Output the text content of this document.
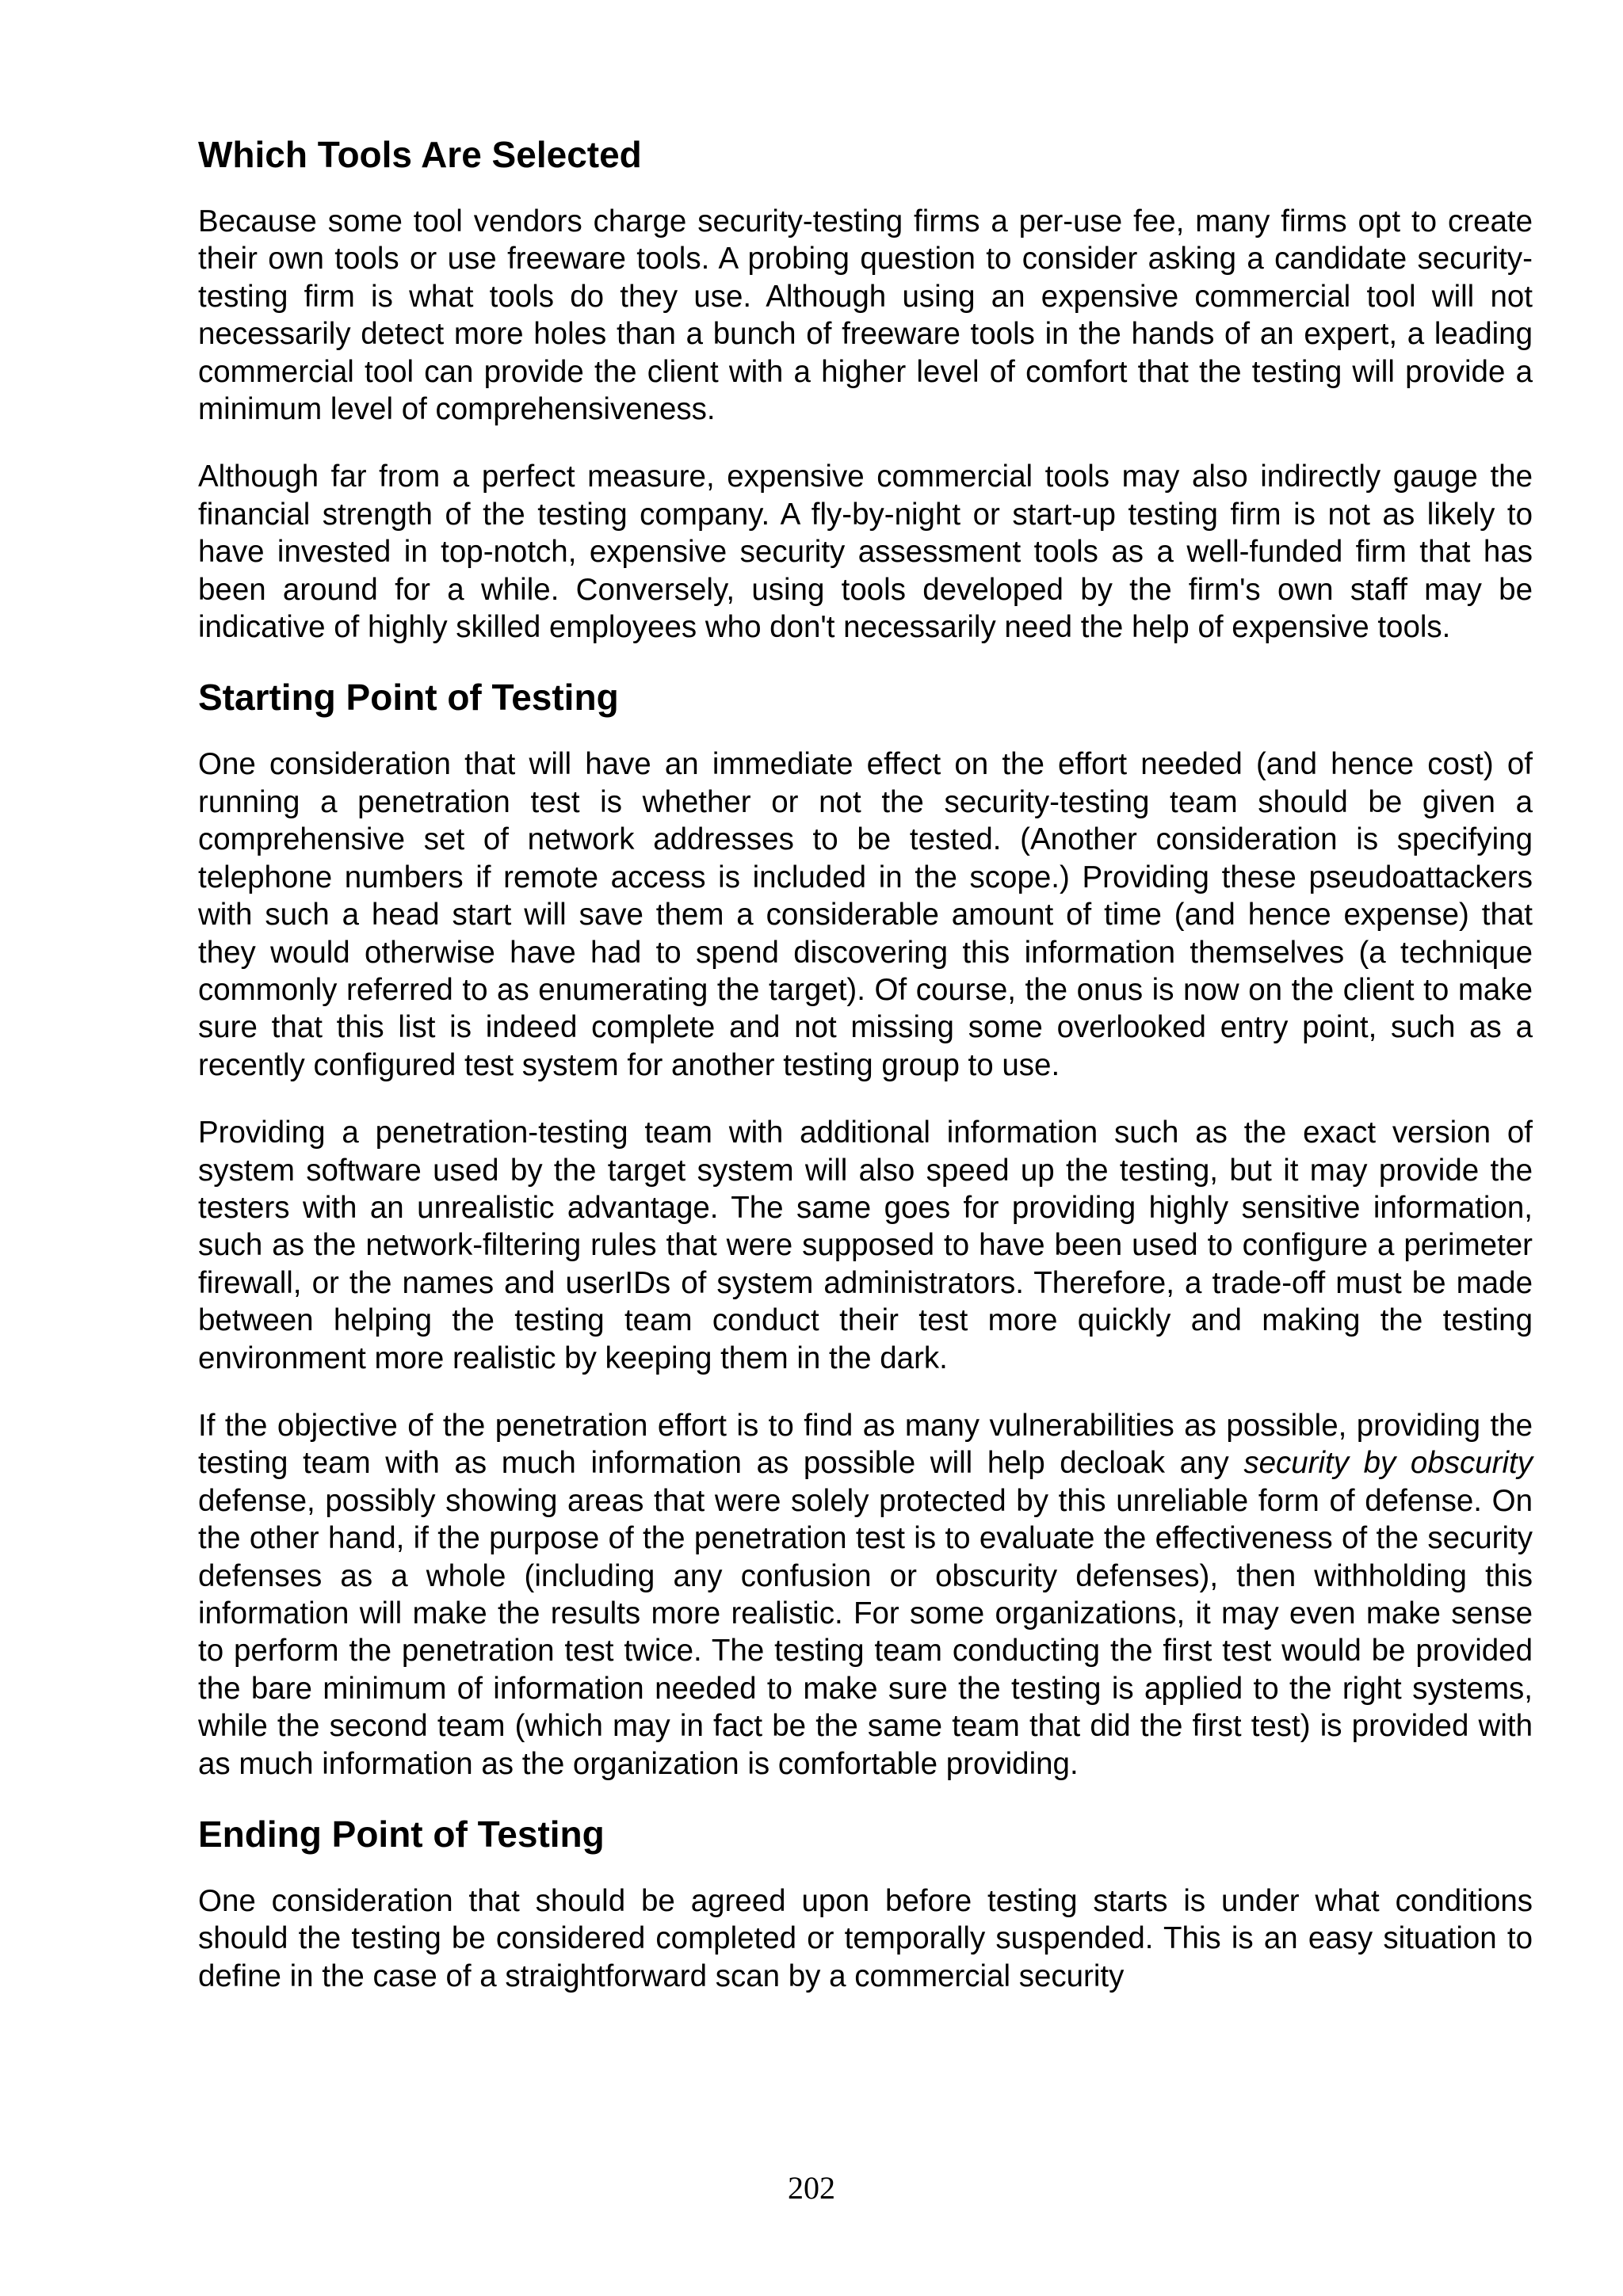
Which Tools Are Selected

Because some tool vendors charge security-testing firms a per-use fee, many firms opt to create their own tools or use freeware tools. A probing question to consider asking a candidate security-testing firm is what tools do they use. Although using an expensive commercial tool will not necessarily detect more holes than a bunch of freeware tools in the hands of an expert, a leading commercial tool can provide the client with a higher level of comfort that the testing will provide a minimum level of comprehensiveness.

Although far from a perfect measure, expensive commercial tools may also indirectly gauge the financial strength of the testing company. A fly-by-night or start-up testing firm is not as likely to have invested in top-notch, expensive security assessment tools as a well-funded firm that has been around for a while. Conversely, using tools developed by the firm's own staff may be indicative of highly skilled employees who don't necessarily need the help of expensive tools.

Starting Point of Testing

One consideration that will have an immediate effect on the effort needed (and hence cost) of running a penetration test is whether or not the security-testing team should be given a comprehensive set of network addresses to be tested. (Another consideration is specifying telephone numbers if remote access is included in the scope.) Providing these pseudoattackers with such a head start will save them a considerable amount of time (and hence expense) that they would otherwise have had to spend discovering this information themselves (a technique commonly referred to as enumerating the target). Of course, the onus is now on the client to make sure that this list is indeed complete and not missing some overlooked entry point, such as a recently configured test system for another testing group to use.

Providing a penetration-testing team with additional information such as the exact version of system software used by the target system will also speed up the testing, but it may provide the testers with an unrealistic advantage. The same goes for providing highly sensitive information, such as the network-filtering rules that were supposed to have been used to configure a perimeter firewall, or the names and userIDs of system administrators. Therefore, a trade-off must be made between helping the testing team conduct their test more quickly and making the testing environment more realistic by keeping them in the dark.

If the objective of the penetration effort is to find as many vulnerabilities as possible, providing the testing team with as much information as possible will help decloak any security by obscurity defense, possibly showing areas that were solely protected by this unreliable form of defense. On the other hand, if the purpose of the penetration test is to evaluate the effectiveness of the security defenses as a whole (including any confusion or obscurity defenses), then withholding this information will make the results more realistic. For some organizations, it may even make sense to perform the penetration test twice. The testing team conducting the first test would be provided the bare minimum of information needed to make sure the testing is applied to the right systems, while the second team (which may in fact be the same team that did the first test) is provided with as much information as the organization is comfortable providing.

Ending Point of Testing

One consideration that should be agreed upon before testing starts is under what conditions should the testing be considered completed or temporally suspended. This is an easy situation to define in the case of a straightforward scan by a commercial security

202
